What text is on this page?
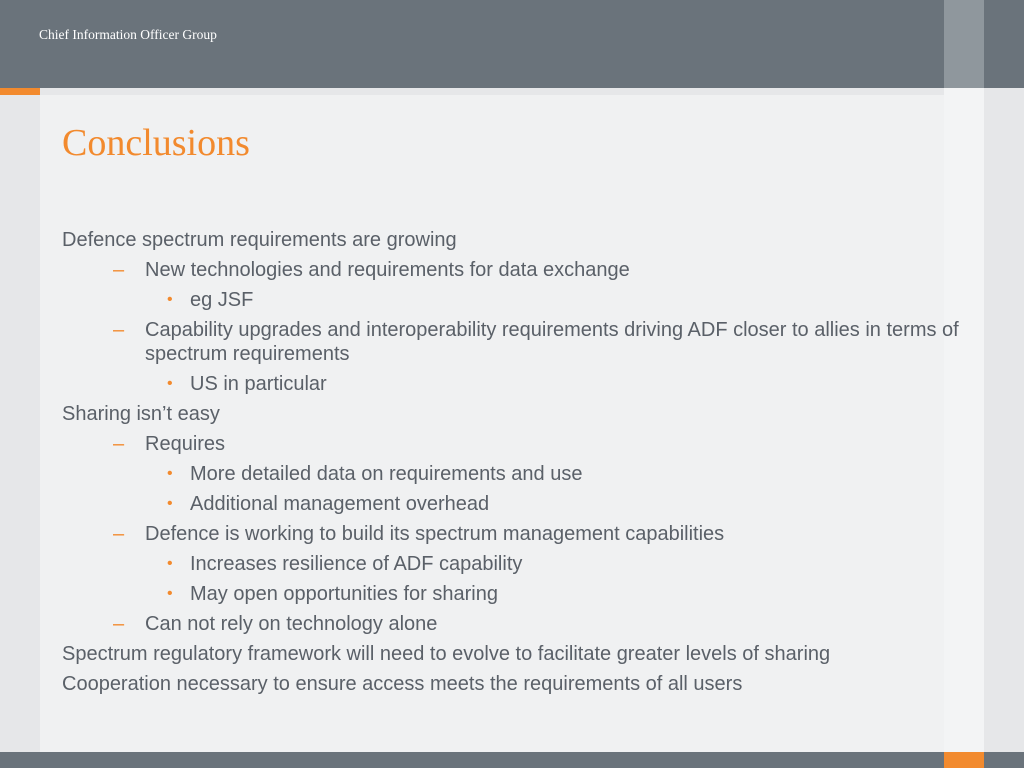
Chief Information Officer Group
Conclusions

Defence spectrum requirements are growing

– New technologies and requirements for data exchange

• eg JSF

– Capability upgrades and interoperability requirements driving ADF closer to allies in terms of spectrum requirements

• US in particular

Sharing isn’t easy

– Requires

• More detailed data on requirements and use

• Additional management overhead

– Defence is working to build its spectrum management capabilities

• Increases resilience of ADF capability

• May open opportunities for sharing

– Can not rely on technology alone

Spectrum regulatory framework will need to evolve to facilitate greater levels of sharing

Cooperation necessary to ensure access meets the requirements of all users
